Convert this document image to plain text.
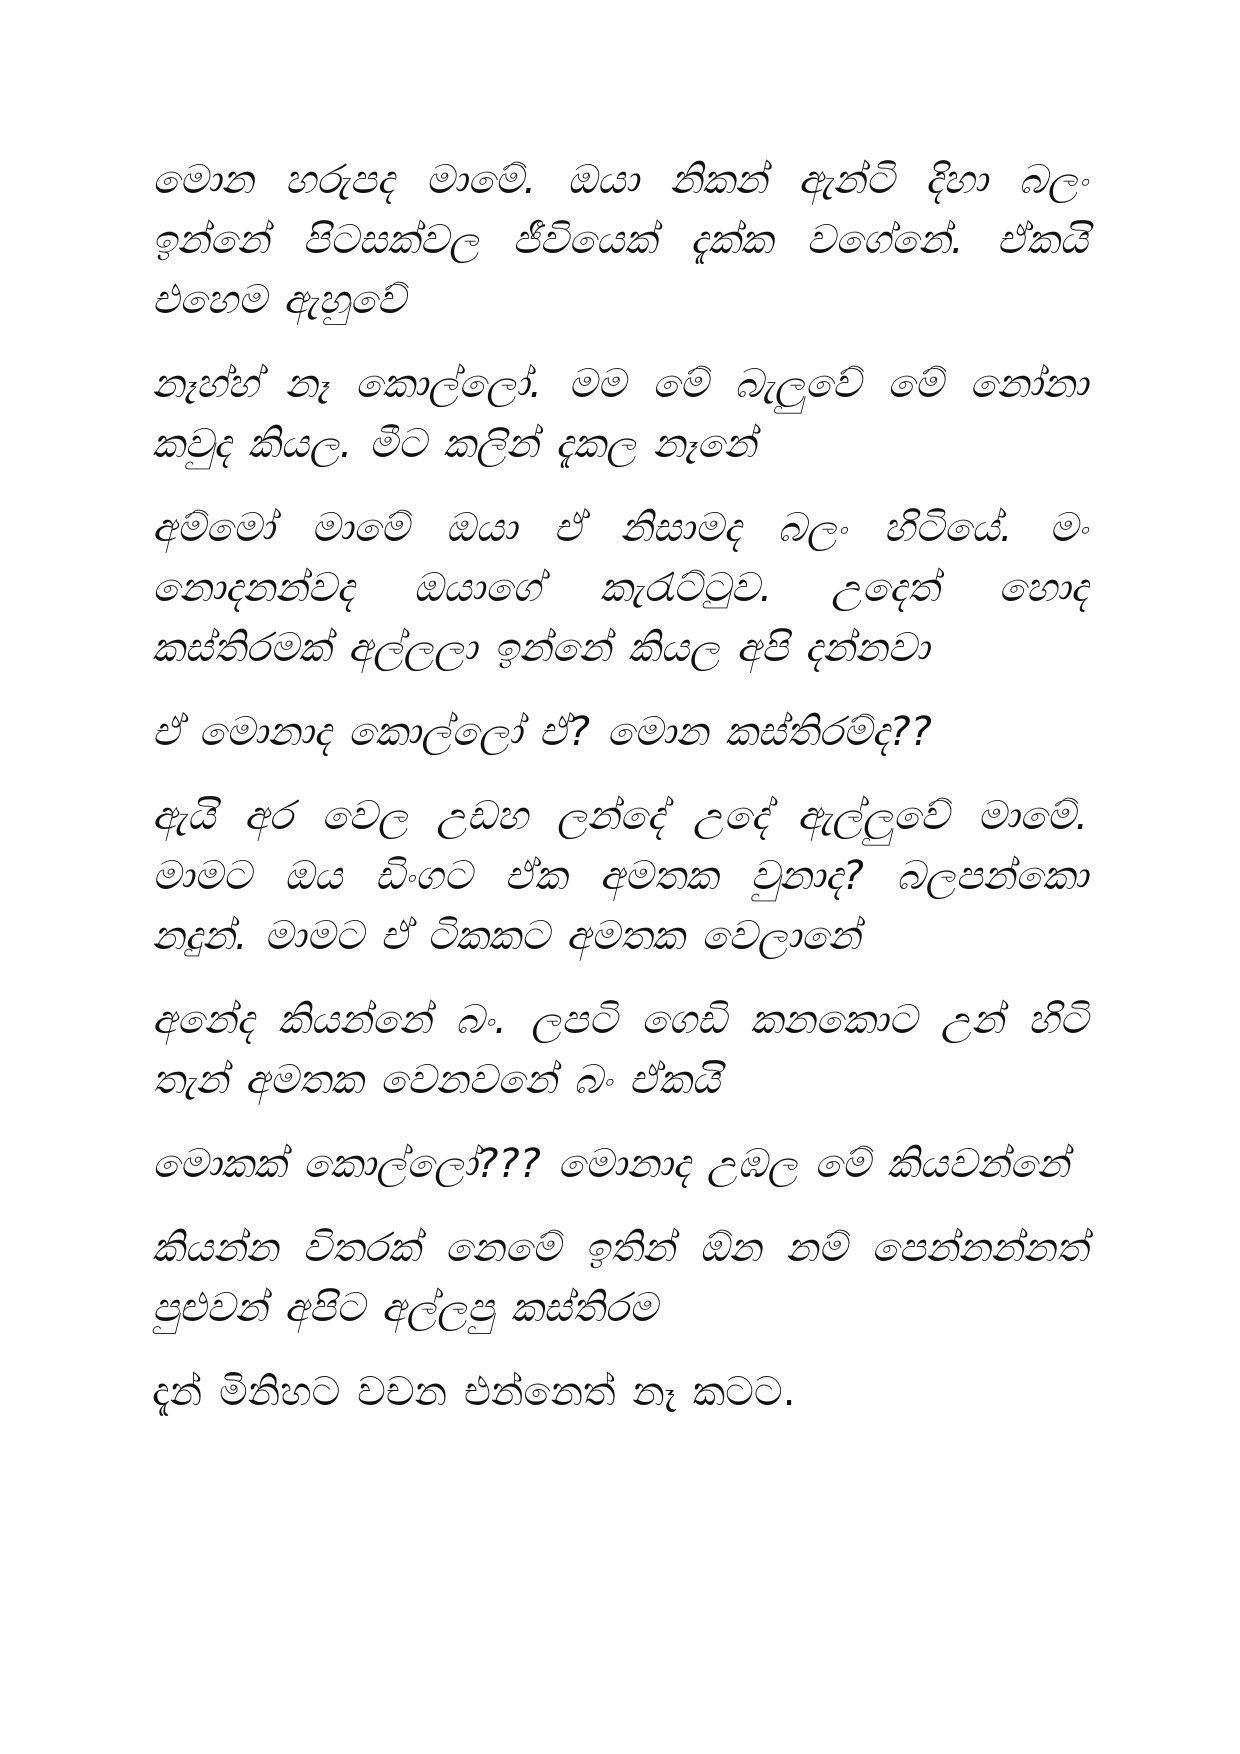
මොන හරුපද මාමේ. ඔයා නිකන් ඇන්ටි දිහා බලං ඉන්නේ පිටසක්වල ජීවියෙක් දැක්ක වගේනේ. ඒකයි එහෙම ඇහුවේ

නෑහ්හ් නෑ කොල්ලෝ. මම මේ බැලුවේ මේ නෝනා කවුද කියල. මීට කලින් දැකල නෑනේ

අම්මෝ මාමේ ඔයා ඒ නිසාමද බලං හිටියේ. මං නොදනන්වද ඔයාගේ කැරැට්ටුව. උදෙත් හොද කස්තිරමක් අල්ලලා ඉන්නේ කියල අපි දන්නවා

ඒ මොනාද කොල්ලෝ ඒ? මොන කස්තිරම්ද??

ඇයි අර වෙල උඩහ ලන්දේ උදේ ඇල්ලුවේ මාමේ. මාමට ඔය ඩිංගට ඒක අමතක වුනාද? බලපන්කො නදුන්. මාමට ඒ ටිකකට අමතක වෙලානේ

අනේද කියන්නේ බං. ලපටි ගෙඩි කනකොට උන් හිටි තැන් අමතක වෙනවනේ බං ඒකයි

මොකක් කොල්ලෝ??? මොනාද උඹල මේ කියවන්නේ

කියන්න විතරක් නෙමේ ඉතින් ඕන නම් පෙන්නන්නත් පුළුවන් අපිට අල්ලපු කස්තිරම

දැන් මිනිහට වචන එන්නෙත් නෑ කටට.
